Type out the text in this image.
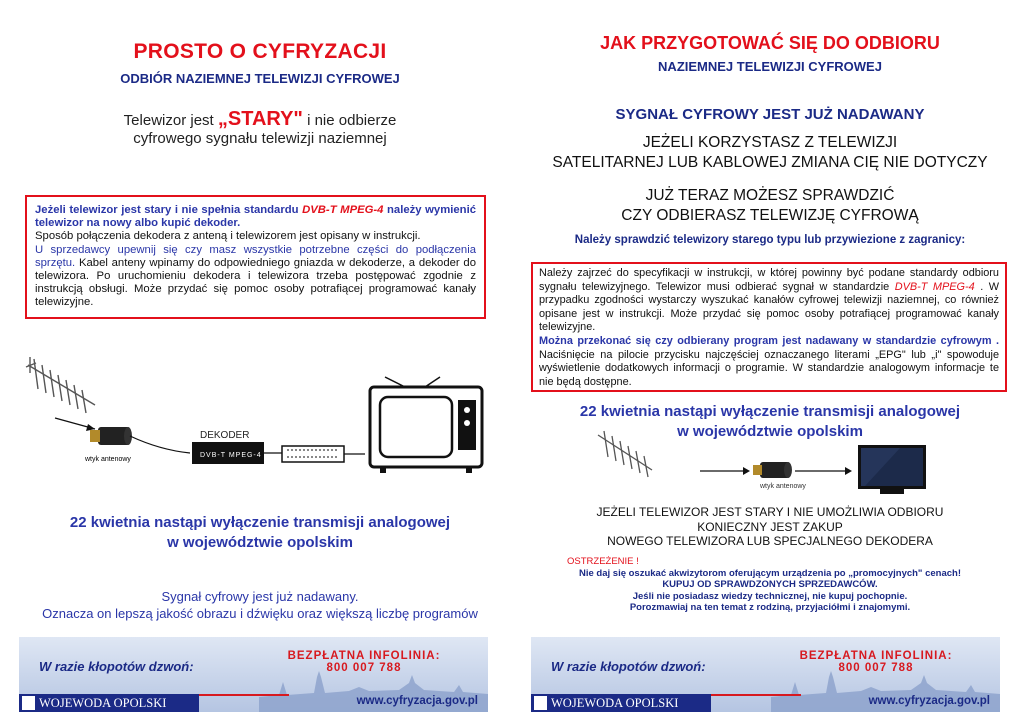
PROSTO O CYFRYZACJI
ODBIÓR NAZIEMNEJ TELEWIZJI CYFROWEJ
Telewizor jest „STARY" i nie odbierze
cyfrowego sygnału telewizji naziemnej

Jeżeli telewizor jest stary i nie spełnia standardu DVB-T MPEG-4 należy wymienić telewizor na nowy albo kupić dekoder.

Sposób połączenia dekodera z anteną i telewizorem jest opisany w instrukcji.

U sprzedawcy upewnij się czy masz wszystkie potrzebne części do podłączenia sprzętu. Kabel anteny wpinamy do odpowiedniego gniazda w dekoderze, a dekoder do telewizora. Po uruchomieniu dekodera i telewizora trzeba postępować zgodnie z instrukcją obsługi. Może przydać się pomoc osoby potrafiącej programować kanały telewizyjne.

wtyk antenowy
DEKODER
DVB-T MPEG-4
22 kwietnia nastąpi wyłączenie transmisji analogowej
w województwie opolskim
Sygnał cyfrowy jest już nadawany.
Oznacza on lepszą jakość obrazu i dźwięku oraz większą liczbę programów
W razie kłopotów dzwoń:
BEZPŁATNA INFOLINIA:
800 007 788
WOJEWODA OPOLSKI	www.cyfryzacja.gov.pl
JAK PRZYGOTOWAĆ SIĘ DO ODBIORU
NAZIEMNEJ TELEWIZJI CYFROWEJ
SYGNAŁ CYFROWY JEST JUŻ NADAWANY
JEŻELI KORZYSTASZ Z TELEWIZJI
SATELITARNEJ LUB KABLOWEJ ZMIANA CIĘ NIE DOTYCZY
JUŻ TERAZ MOŻESZ SPRAWDZIĆ
CZY ODBIERASZ TELEWIZJĘ CYFROWĄ
Należy sprawdzić telewizory starego typu lub przywiezione z zagranicy:

Należy zajrzeć do specyfikacji w instrukcji, w której powinny być podane standardy odbioru sygnału telewizyjnego. Telewizor musi odbierać sygnał w standardzie DVB-T MPEG-4 . W przypadku zgodności wystarczy wyszukać kanałów cyfrowej telewizji naziemnej, co również opisane jest w instrukcji. Może przydać się pomoc osoby potrafiącej programować kanały telewizyjne.

Można przekonać się czy odbierany program jest nadawany w standardzie cyfrowym . Naciśnięcie na pilocie przycisku najczęściej oznaczanego literami „EPG" lub „i" spowoduje wyświetlenie dodatkowych informacji o programie. W standardzie analogowym informacje te nie będą dostępne.

22 kwietnia nastąpi wyłączenie transmisji analogowej
w województwie opolskim
wtyk antenowy
JEŻELI TELEWIZOR JEST STARY I NIE UMOŻLIWIA ODBIORU
KONIECZNY JEST ZAKUP
NOWEGO TELEWIZORA LUB SPECJALNEGO DEKODERA
OSTRZEŻENIE !
Nie daj się oszukać akwizytorom oferującym urządzenia po „promocyjnych" cenach!
KUPUJ OD SPRAWDZONYCH SPRZEDAWCÓW.
Jeśli nie posiadasz wiedzy technicznej, nie kupuj pochopnie.
Porozmawiaj na ten temat z rodziną, przyjaciółmi i znajomymi.
W razie kłopotów dzwoń:
BEZPŁATNA INFOLINIA:
800 007 788
WOJEWODA OPOLSKI	www.cyfryzacja.gov.pl
